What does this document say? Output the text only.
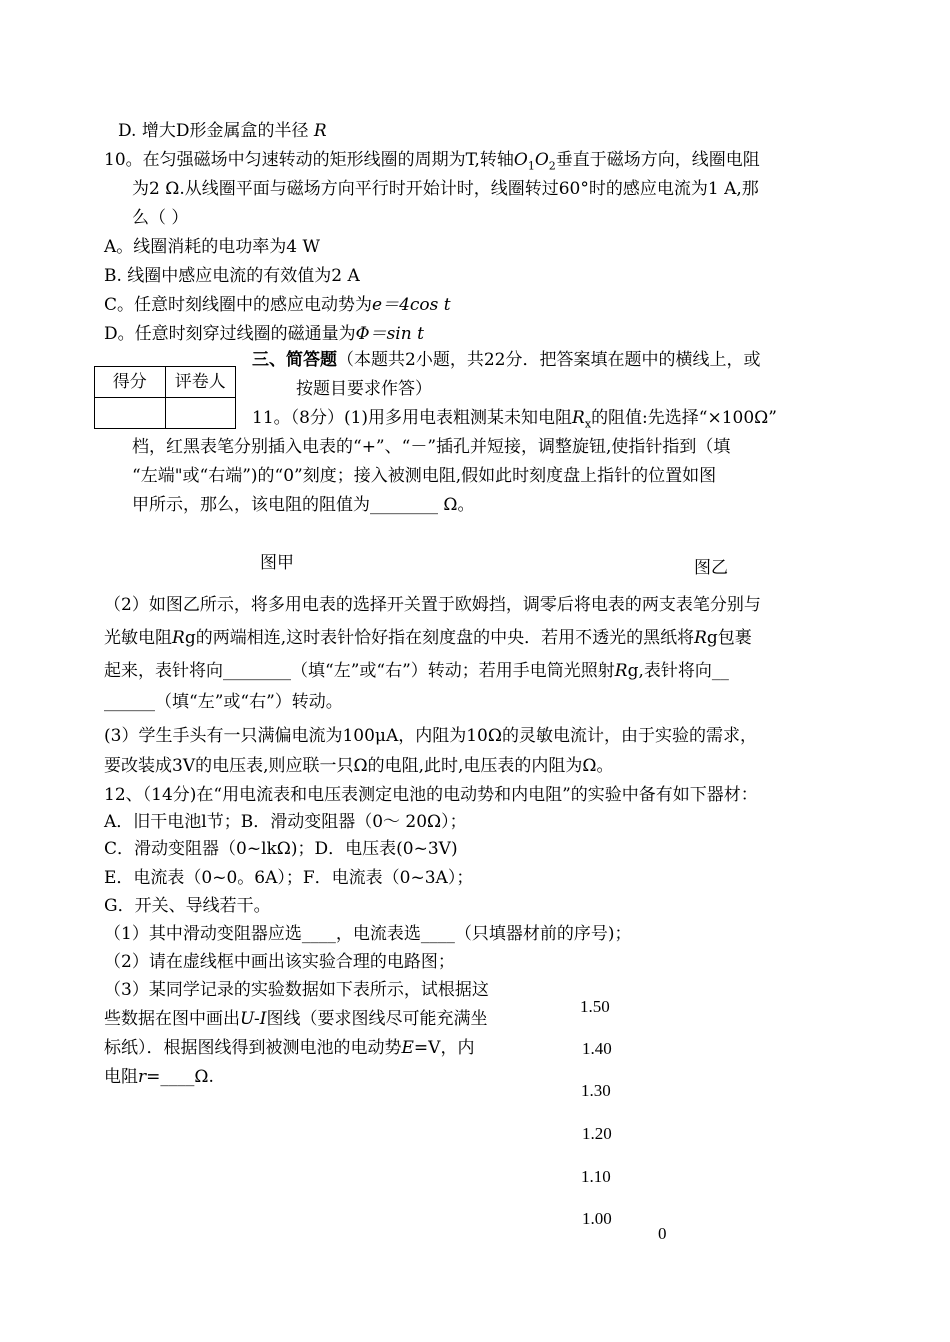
D. 增大D形金属盒的半径 R
10。在匀强磁场中匀速转动的矩形线圈的周期为T,转轴$O_1O_2$垂直于磁场方向，线圈电阻
为2 Ω.从线圈平面与磁场方向平行时开始计时，线圈转过60°时的感应电流为1 A,那
么（ ）
A。线圈消耗的电功率为4 W
B. 线圈中感应电流的有效值为2 A
C。任意时刻线圈中的感应电动势为e＝4cos t
D。任意时刻穿过线圈的磁通量为Φ＝sin t
得分	评卷人

三、简答题（本题共2小题，共22分．把答案填在题中的横线上，或
按题目要求作答）
11。（8分）(1)用多用电表粗测某未知电阻$R_x$的阻值:先选择“×100Ω”
档，红黑表笔分别插入电表的“+”、“－”插孔并短接，调整旋钮,使指针指到（填
“左端"或“右端”)的“0”刻度；接入被测电阻,假如此时刻度盘上指针的位置如图
甲所示，那么，该电阻的阻值为________ Ω。
图甲	图乙
（2）如图乙所示，将多用电表的选择开关置于欧姆挡，调零后将电表的两支表笔分别与
光敏电阻Rg的两端相连,这时表针恰好指在刻度盘的中央．若用不透光的黑纸将Rg包裹
起来，表针将向________（填“左”或“右”）转动；若用手电筒光照射Rg,表针将向__
______（填“左”或“右”）转动。
(3）学生手头有一只满偏电流为100μA，内阻为10Ω的灵敏电流计，由于实验的需求，
要改装成3V的电压表,则应联一只Ω的电阻,此时,电压表的内阻为Ω。
12、（14分)在“用电流表和电压表测定电池的电动势和内电阻”的实验中备有如下器材：
A．旧干电池l节；B．滑动变阻器（0～ 20Ω）；
C．滑动变阻器（0~lkΩ)；D．电压表(0~3V)
E．电流表（0~0。6A）；F．电流表（0~3A）；
G．开关、导线若干。
（1）其中滑动变阻器应选____，电流表选____（只填器材前的序号)；
（2）请在虚线框中画出该实验合理的电路图；
（3）某同学记录的实验数据如下表所示，试根据这
些数据在图中画出U-I图线（要求图线尽可能充满坐
标纸）．根据图线得到被测电池的电动势E=V，内
电阻r=____Ω.
1.50
1.40
1.30
1.20
1.10
1.00
0
